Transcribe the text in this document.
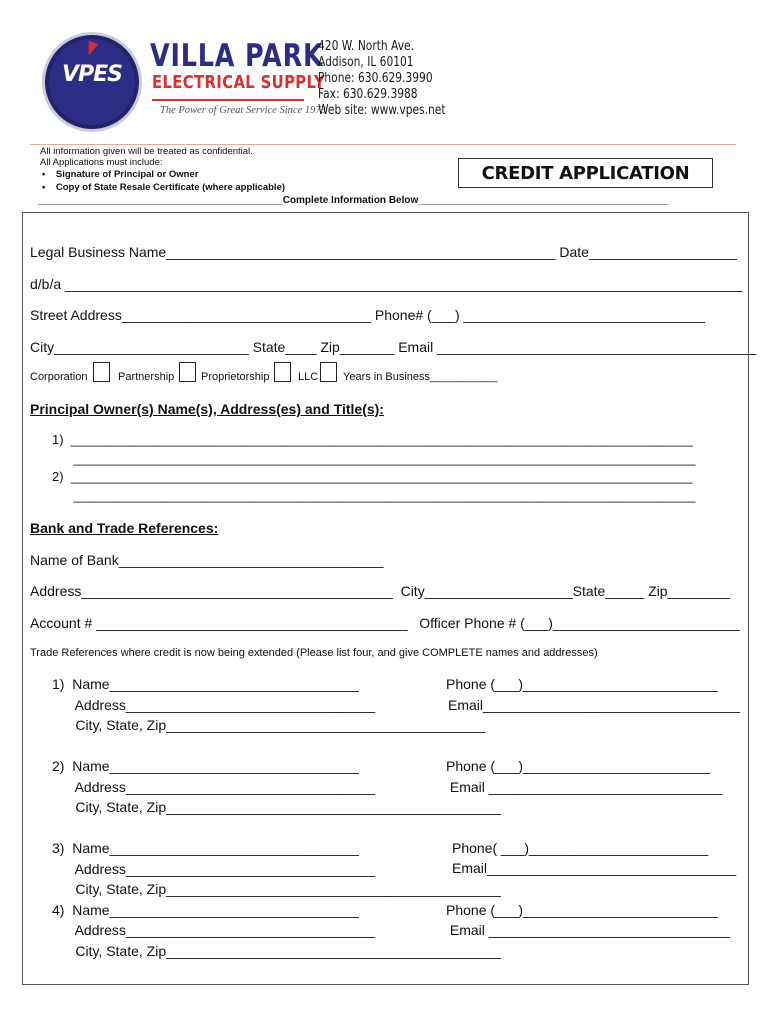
VPES
VILLA PARK
ELECTRICAL SUPPLY
The Power of Great Service Since 1973
420 W. North Ave.
Addison, IL 60101
Phone: 630.629.3990
Fax: 630.629.3988
Web site: www.vpes.net
All information given will be treated as confidential.
All Applications must include:
•    Signature of Principal or Owner
•    Copy of State Resale Certificate (where applicable)
CREDIT APPLICATION
____________________________________________Complete Information Below_____________________________________________
Legal Business Name__________________________________________________ Date___________________
d/b/a _______________________________________________________________________________________
Street Address________________________________ Phone# (___) _______________________________
City_________________________ State____ Zip_______ Email _________________________________________
Corporation	Partnership Proprietorship	LLC Years in Business___________
Principal Owner(s) Name(s), Address(es) and Title(s):
1)  ______________________________________________________________________________________
______________________________________________________________________________________
2)  ______________________________________________________________________________________
______________________________________________________________________________________
Bank and Trade References:
Name of Bank__________________________________
Address________________________________________  City___________________State_____ Zip________
Account # ________________________________________   Officer Phone # (___)________________________
Trade References where credit is now being extended (Please list four, and give COMPLETE names and addresses)
1)  Name________________________________
Address________________________________
City, State, Zip_________________________________________
Phone (___)_________________________
Email_________________________________
2)  Name________________________________
Address________________________________
City, State, Zip___________________________________________
Phone (___)________________________
Email ______________________________
3)  Name________________________________
Address________________________________
City, State, Zip___________________________________________
Phone( ___)_______________________
Email________________________________
4)  Name________________________________
Address________________________________
City, State, Zip___________________________________________
Phone (___)_________________________
Email _______________________________
